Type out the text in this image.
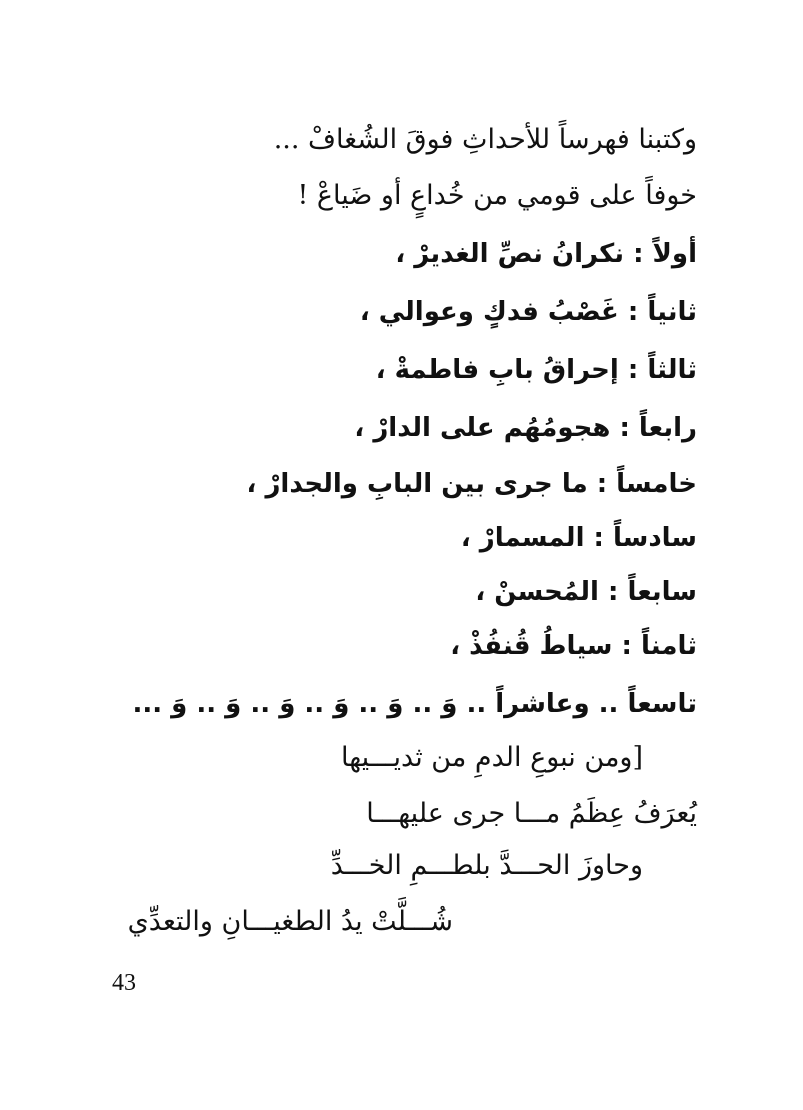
وكتبنا فهرساً للأحداثِ فوقَ الشُغافْ ...
خوفاً على قومي من خُداعٍ أو ضَياعْ !
أولاً : نكرانُ نصِّ الغديرْ ،
ثانياً : غَصْبُ فدكٍ وعوالي ،
ثالثاً : إحراقُ بابِ فاطمةْ ،
رابعاً : هجومُهُم على الدارْ ،
خامساً : ما جرى بين البابِ والجدارْ ،
سادساً : المسمارْ ،
سابعاً : المُحسنْ ،
ثامناً : سياطُ قُنفُذْ ،
تاسعاً .. وعاشراً .. وَ .. وَ .. وَ .. وَ .. وَ .. وَ ...
[ومن نبوعِ الدمِ من ثديـــيها
يُعرَفُ عِظَمُ مـــا جرى عليهـــا
وحاوزَ الحـــدَّ بلطـــمِ الخـــدِّ
شُـــلَّتْ يدُ الطغيـــانِ والتعدِّي
43
